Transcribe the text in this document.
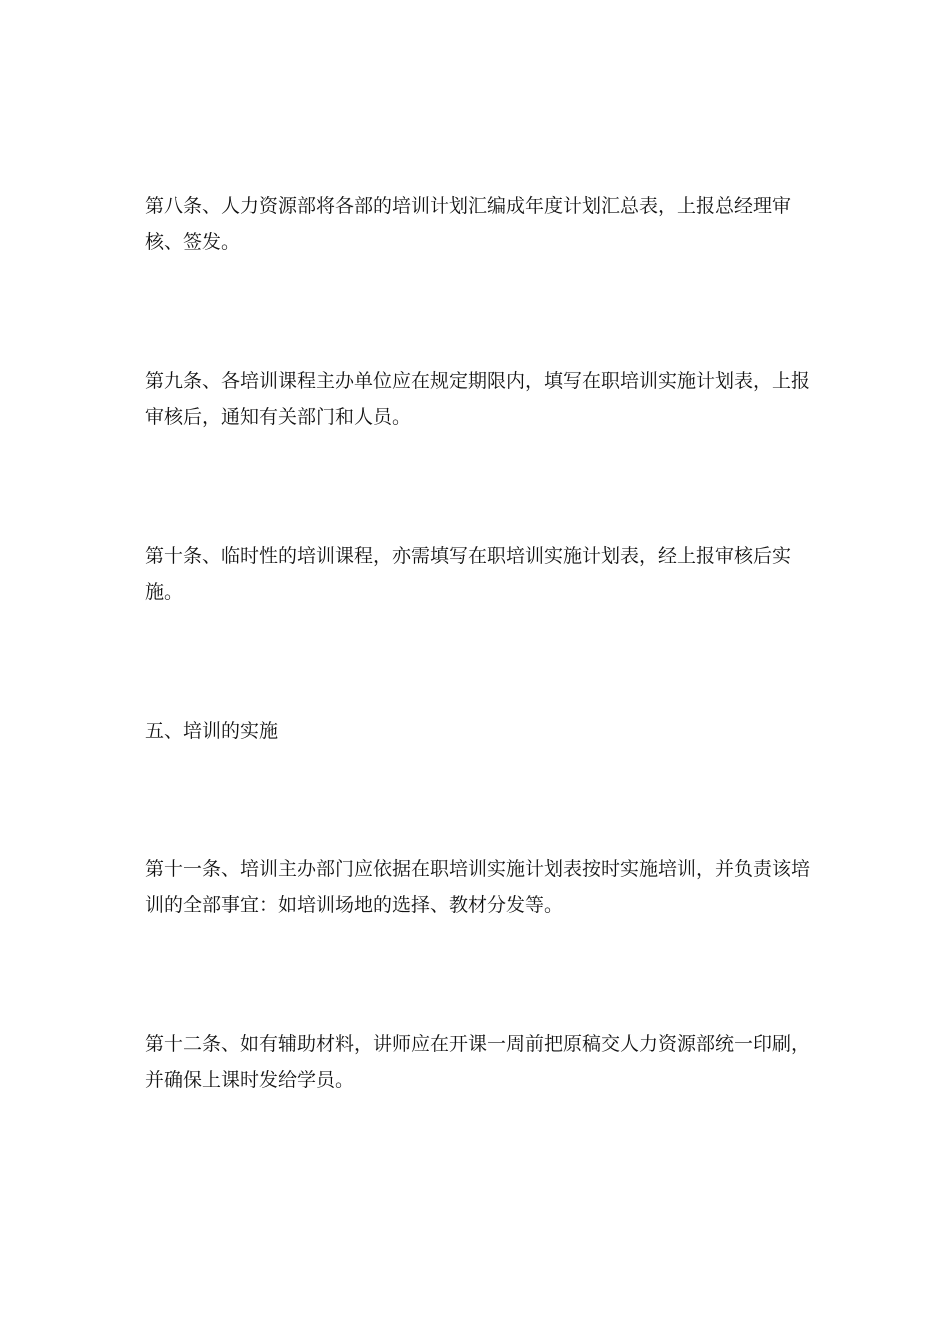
第八条、人力资源部将各部的培训计划汇编成年度计划汇总表，上报总经理审核、签发。

第九条、各培训课程主办单位应在规定期限内，填写在职培训实施计划表，上报审核后，通知有关部门和人员。

第十条、临时性的培训课程，亦需填写在职培训实施计划表，经上报审核后实施。

五、培训的实施

第十一条、培训主办部门应依据在职培训实施计划表按时实施培训，并负责该培训的全部事宜：如培训场地的选择、教材分发等。

第十二条、如有辅助材料，讲师应在开课一周前把原稿交人力资源部统一印刷，并确保上课时发给学员。
